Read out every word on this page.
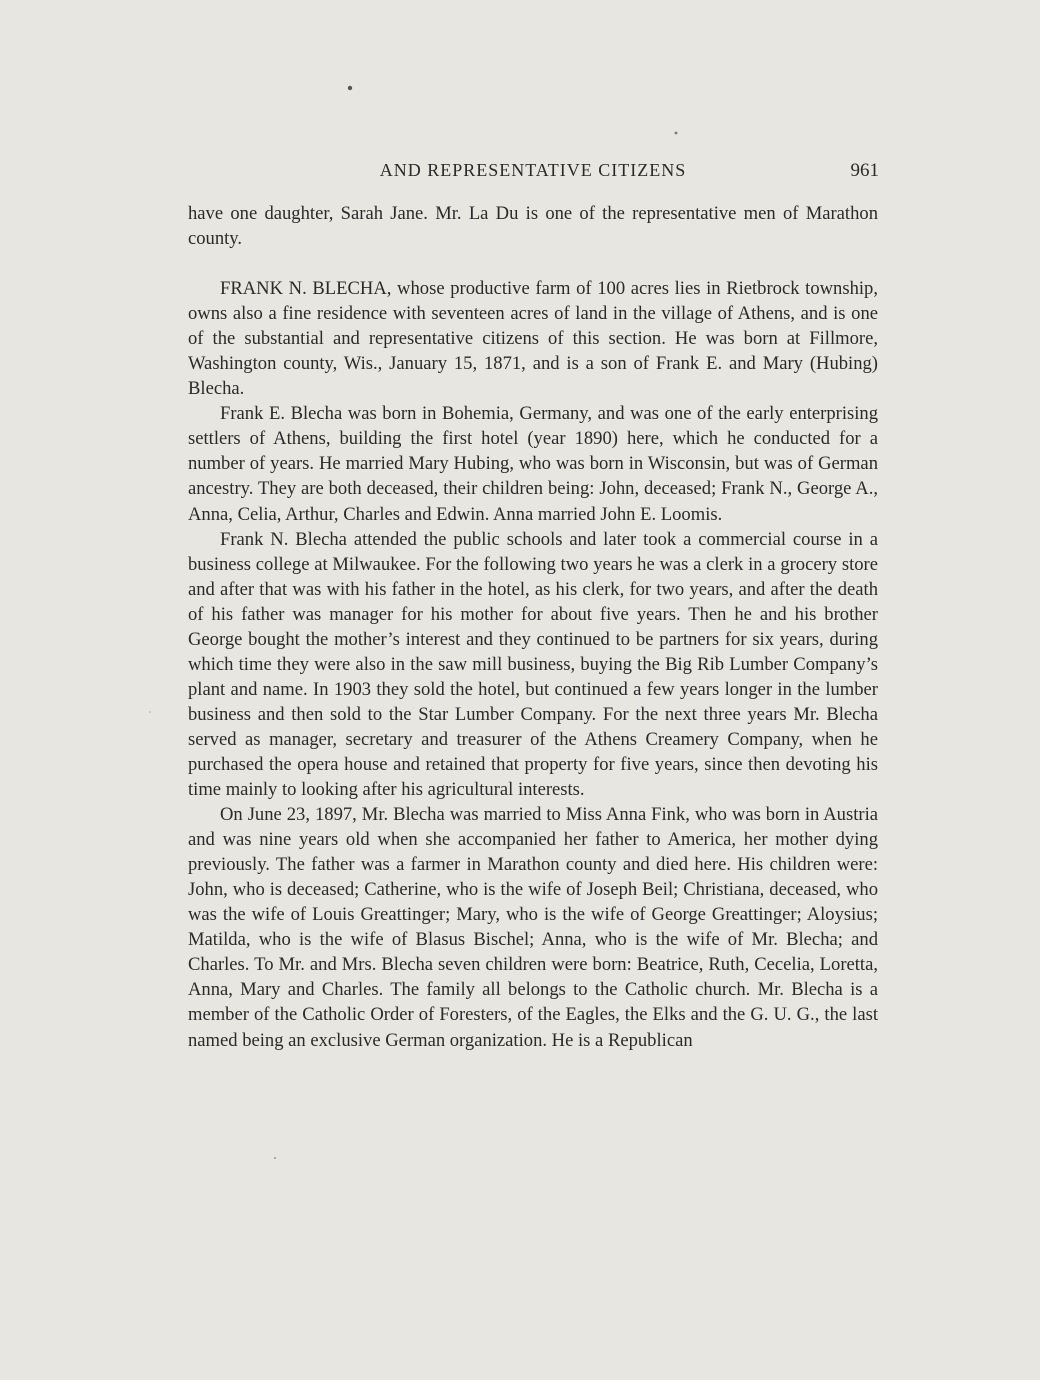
AND REPRESENTATIVE CITIZENS	961

have one daughter, Sarah Jane. Mr. La Du is one of the representative men of Marathon county.

FRANK N. BLECHA, whose productive farm of 100 acres lies in Rietbrock township, owns also a fine residence with seventeen acres of land in the village of Athens, and is one of the substantial and representative citizens of this section. He was born at Fillmore, Washington county, Wis., January 15, 1871, and is a son of Frank E. and Mary (Hubing) Blecha.

Frank E. Blecha was born in Bohemia, Germany, and was one of the early enterprising settlers of Athens, building the first hotel (year 1890) here, which he conducted for a number of years. He married Mary Hubing, who was born in Wisconsin, but was of German ancestry. They are both deceased, their children being: John, deceased; Frank N., George A., Anna, Celia, Arthur, Charles and Edwin. Anna married John E. Loomis.

Frank N. Blecha attended the public schools and later took a commercial course in a business college at Milwaukee. For the following two years he was a clerk in a grocery store and after that was with his father in the hotel, as his clerk, for two years, and after the death of his father was manager for his mother for about five years. Then he and his brother George bought the mother’s interest and they continued to be partners for six years, during which time they were also in the saw mill business, buying the Big Rib Lumber Company’s plant and name. In 1903 they sold the hotel, but continued a few years longer in the lumber business and then sold to the Star Lumber Company. For the next three years Mr. Blecha served as manager, secretary and treasurer of the Athens Creamery Company, when he purchased the opera house and retained that property for five years, since then devoting his time mainly to looking after his agricultural interests.

On June 23, 1897, Mr. Blecha was married to Miss Anna Fink, who was born in Austria and was nine years old when she accompanied her father to America, her mother dying previously. The father was a farmer in Marathon county and died here. His children were: John, who is deceased; Catherine, who is the wife of Joseph Beil; Christiana, deceased, who was the wife of Louis Greattinger; Mary, who is the wife of George Greattinger; Aloysius; Matilda, who is the wife of Blasus Bischel; Anna, who is the wife of Mr. Blecha; and Charles. To Mr. and Mrs. Blecha seven children were born: Beatrice, Ruth, Cecelia, Loretta, Anna, Mary and Charles. The family all belongs to the Catholic church. Mr. Blecha is a member of the Catholic Order of Foresters, of the Eagles, the Elks and the G. U. G., the last named being an exclusive German organization. He is a Republican
